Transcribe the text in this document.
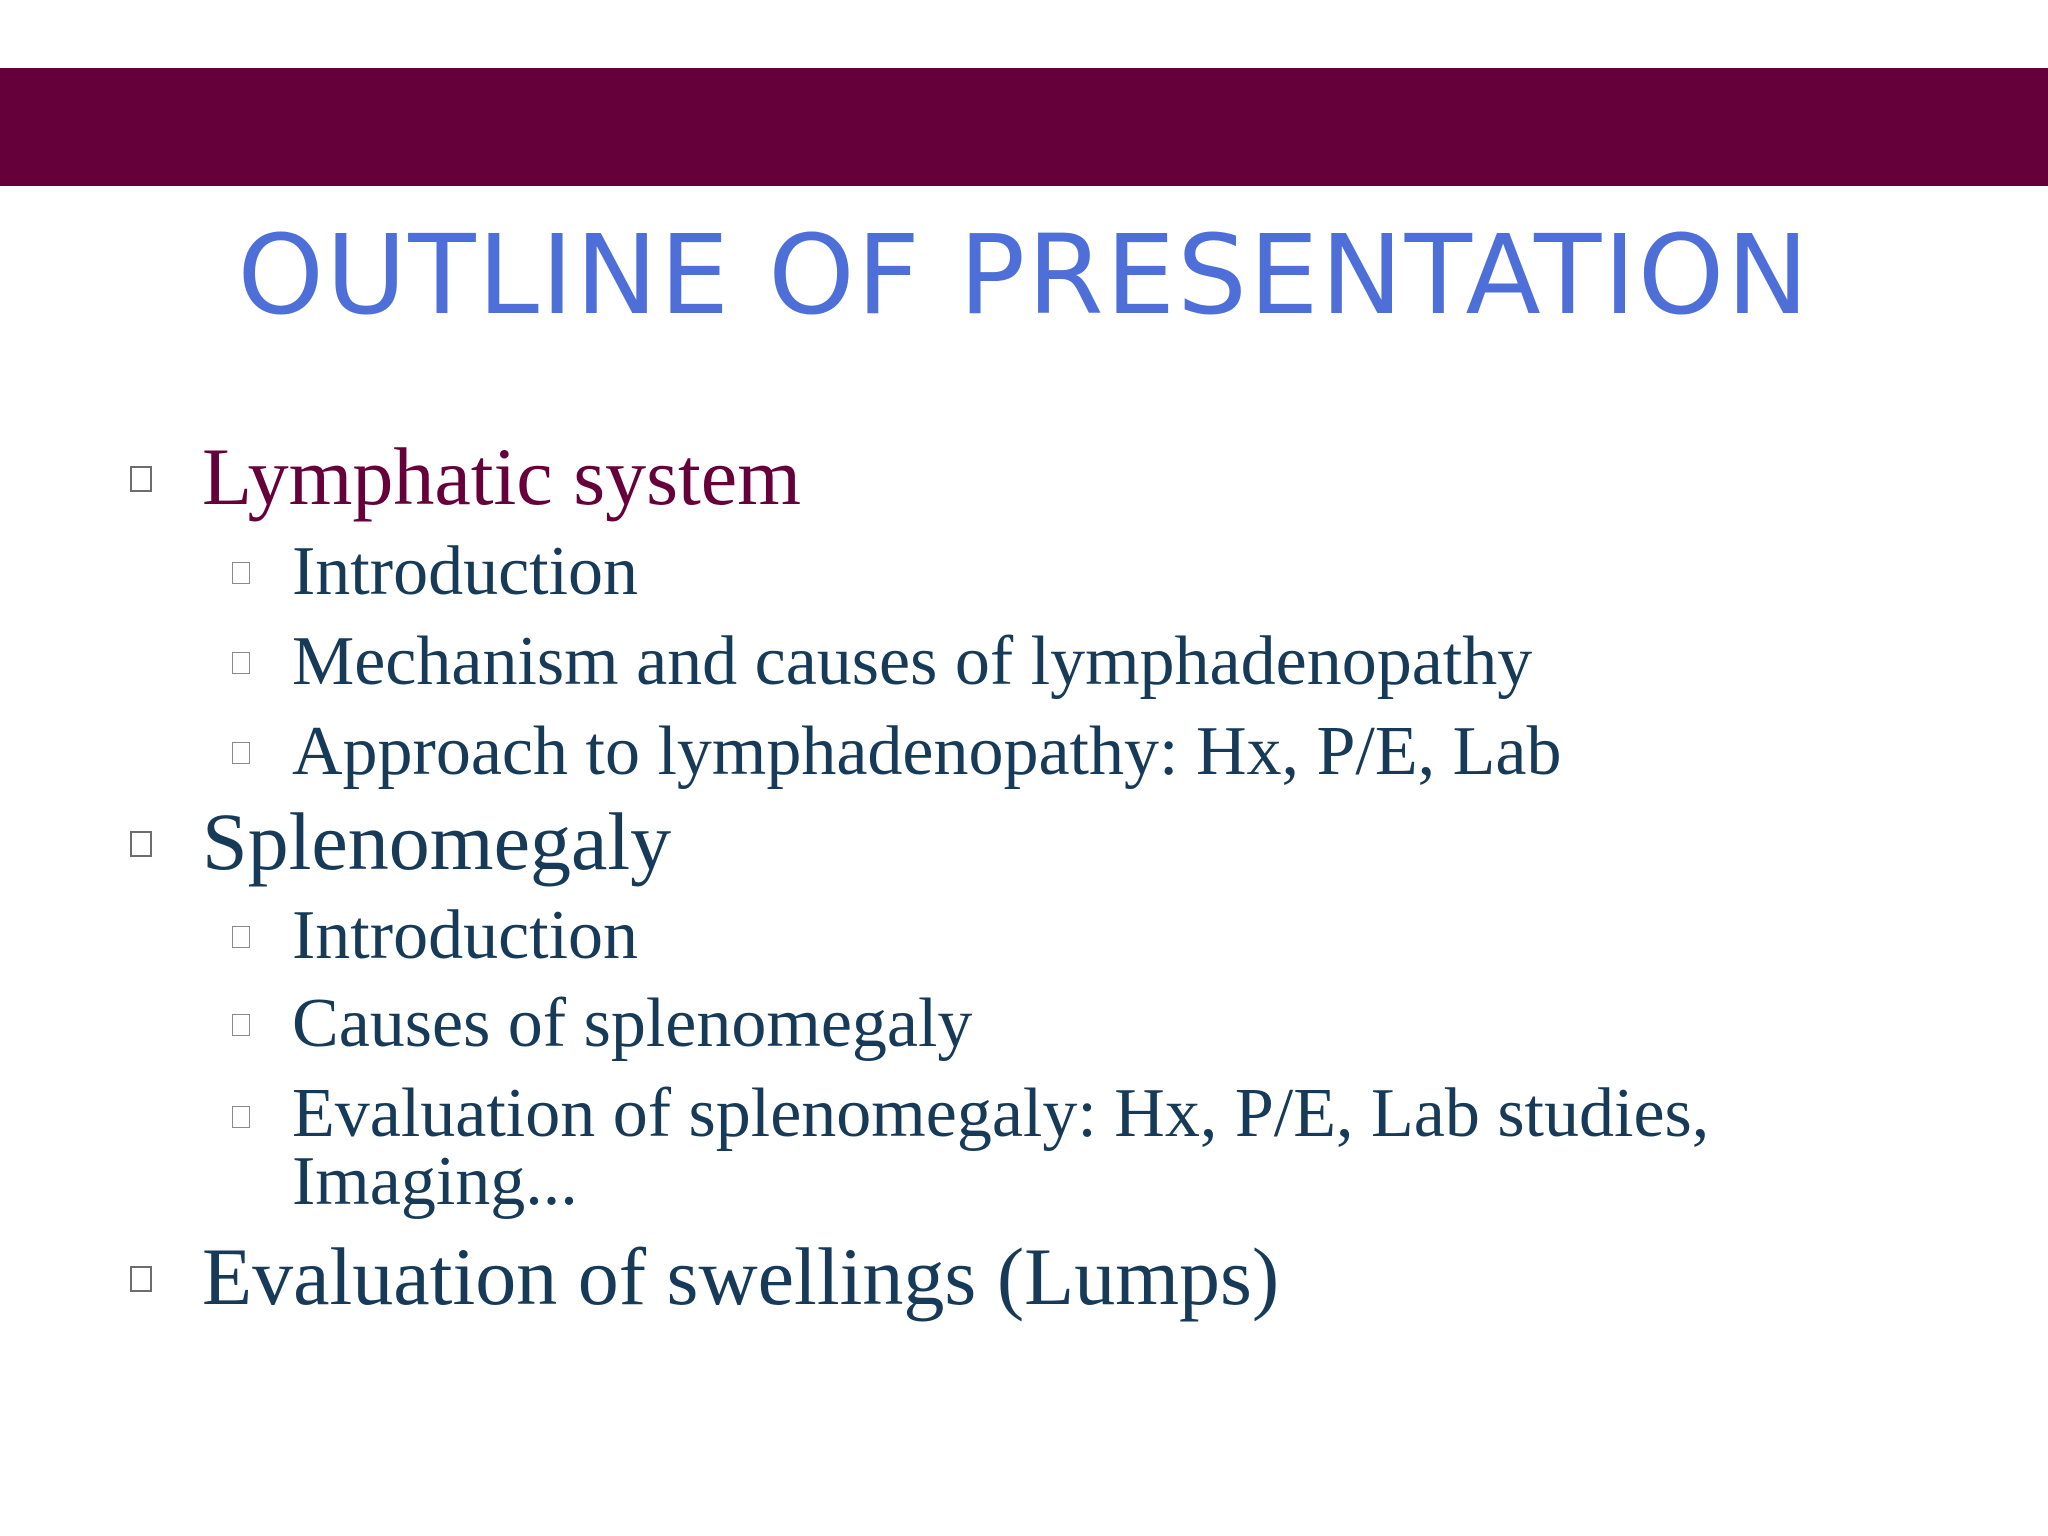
OUTLINE OF PRESENTATION
Lymphatic system
Introduction
Mechanism and causes of lymphadenopathy
Approach to lymphadenopathy: Hx, P/E, Lab
Splenomegaly
Introduction
Causes of splenomegaly
Evaluation of splenomegaly: Hx, P/E, Lab studies, Imaging...
Evaluation of swellings (Lumps)
